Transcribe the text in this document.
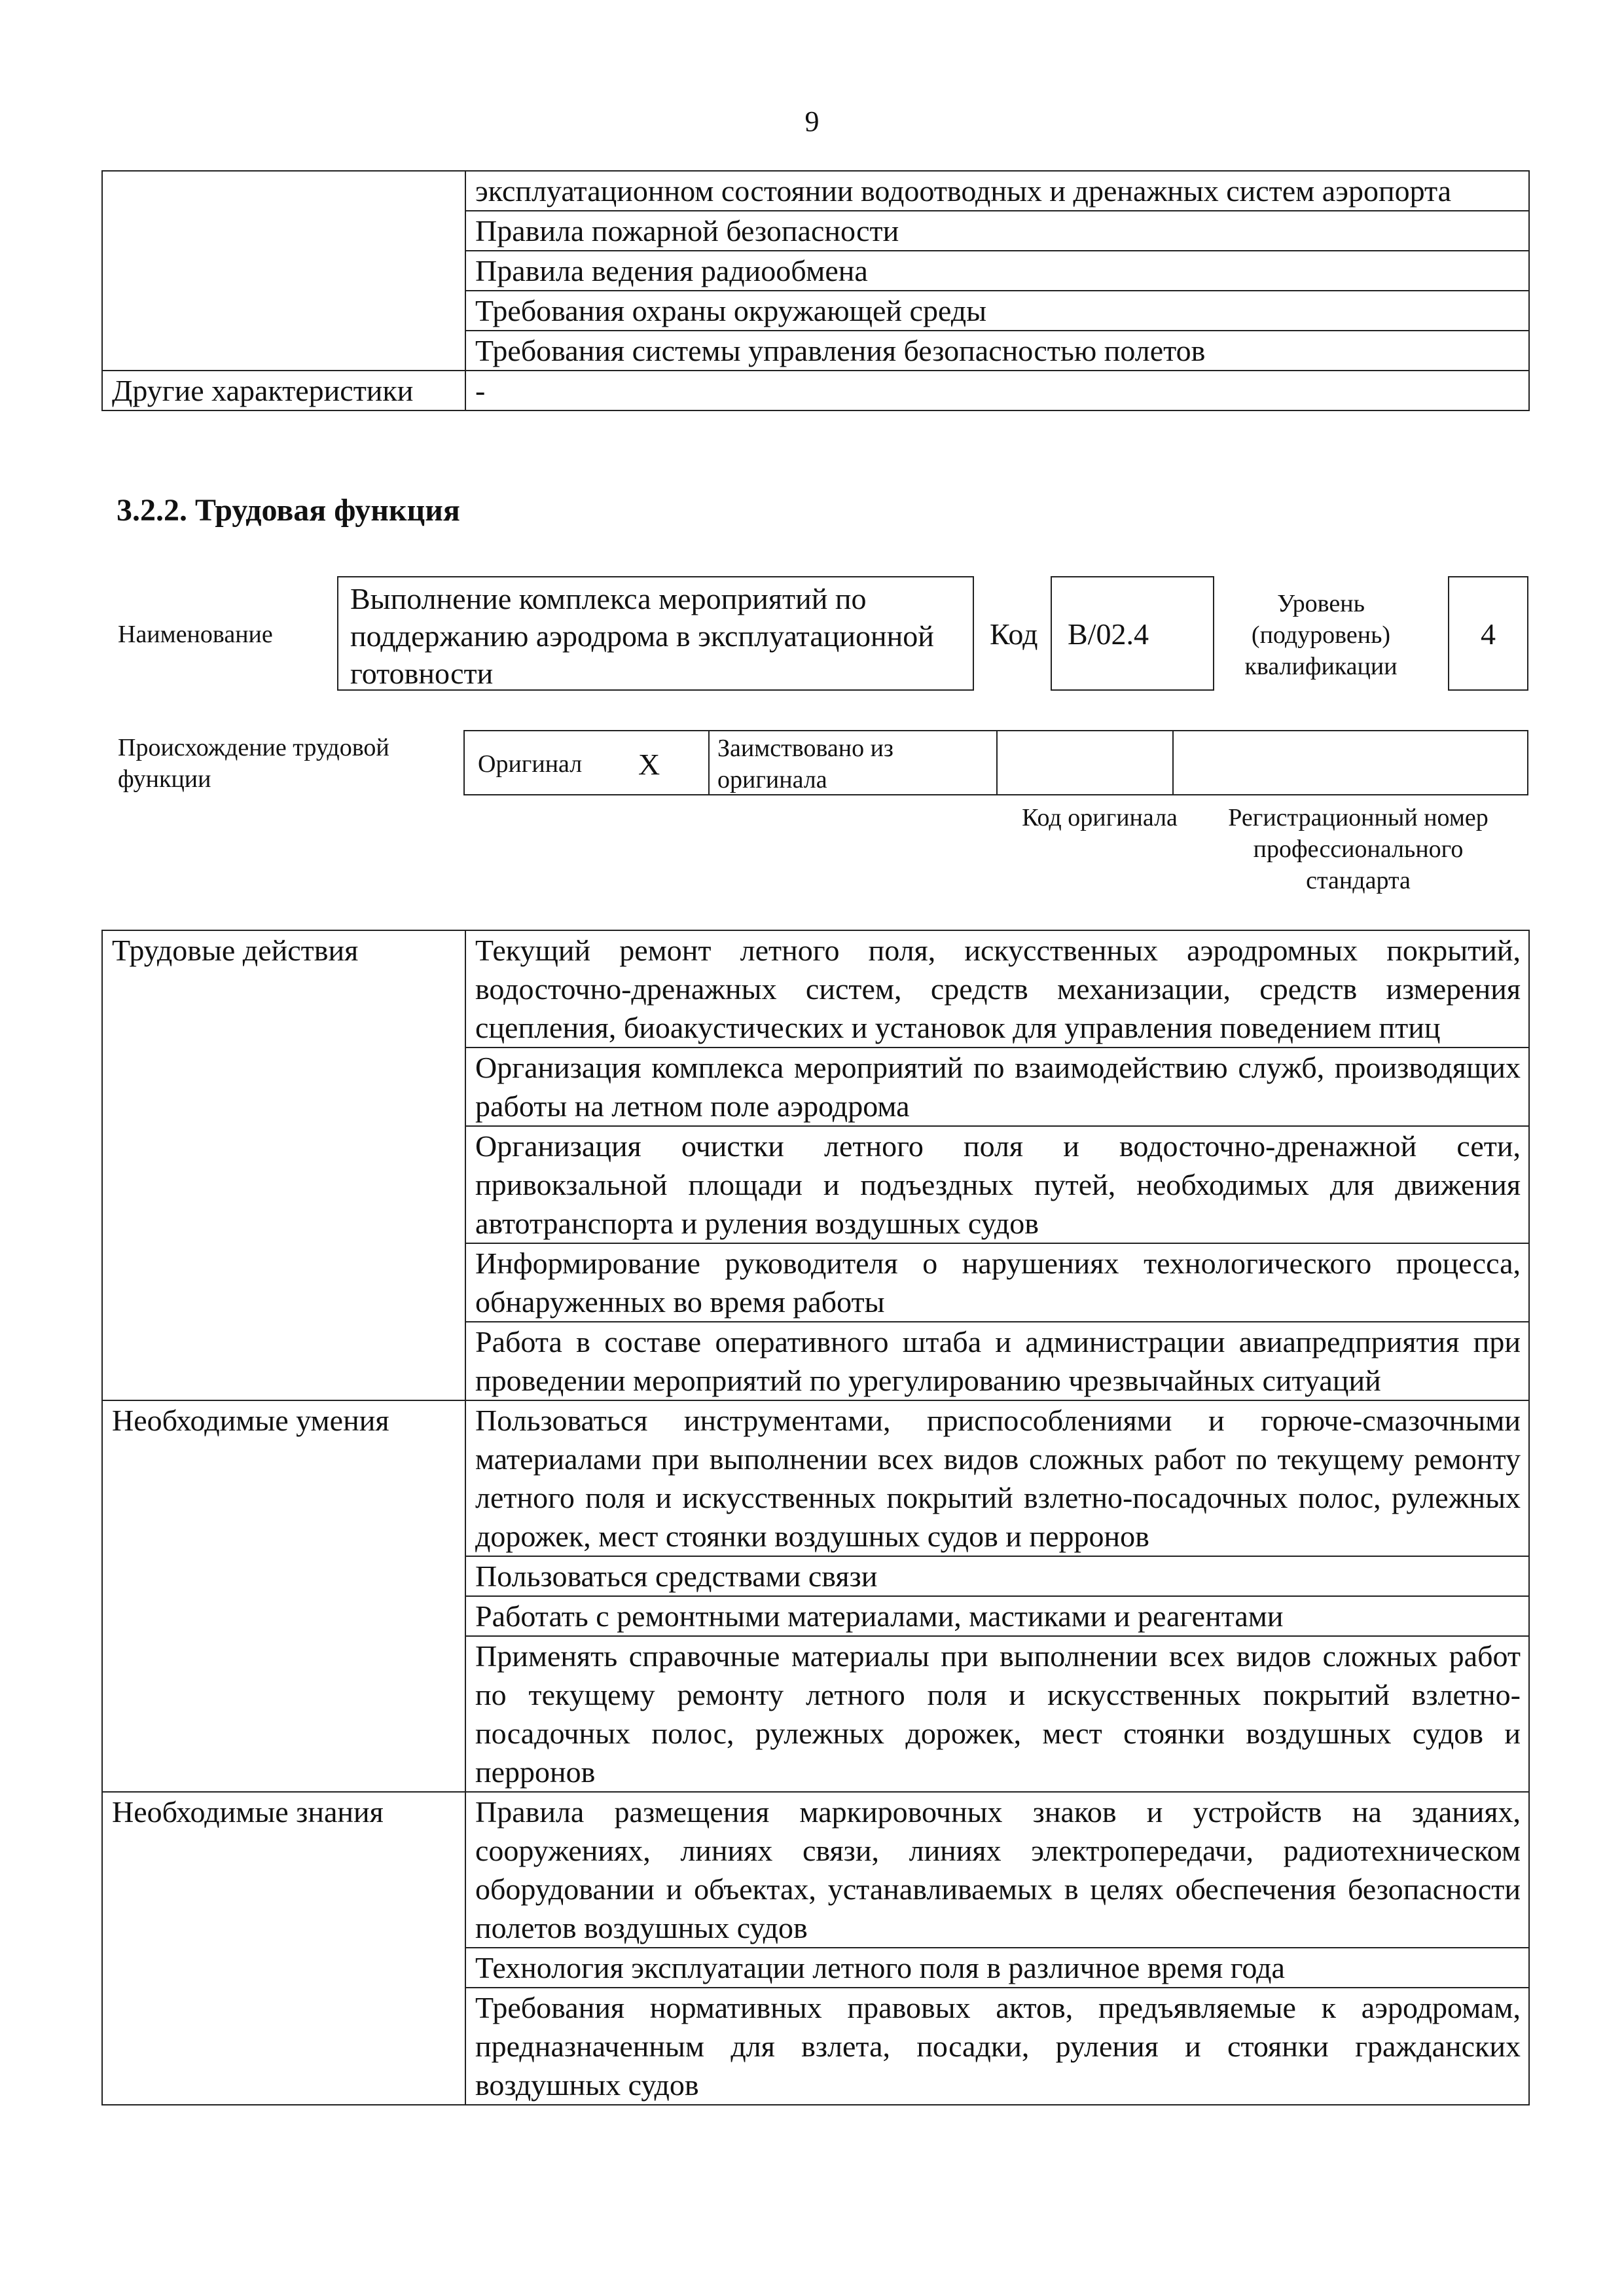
9
	эксплуатационном состоянии водоотводных и дренажных систем аэропорта
	Правила пожарной безопасности
	Правила ведения радиообмена
	Требования охраны окружающей среды
	Требования системы управления безопасностью полетов
Другие характеристики	-
3.2.2. Трудовая функция
Наименование
Выполнение комплекса мероприятий по поддержанию аэродрома в эксплуатационной готовности
Код В/02.4
Уровень (подуровень) квалификации
4
Происхождение трудовой функции
Оригинал X	Заимствовано из оригинала
Код оригинала	Регистрационный номер профессионального стандарта
Трудовые действия	Текущий ремонт летного поля, искусственных аэродромных покрытий, водосточно-дренажных систем, средств механизации, средств измерения сцепления, биоакустических и установок для управления поведением птиц
	Организация комплекса мероприятий по взаимодействию служб, производящих работы на летном поле аэродрома
	Организация очистки летного поля и водосточно-дренажной сети, привокзальной площади и подъездных путей, необходимых для движения автотранспорта и руления воздушных судов
	Информирование руководителя о нарушениях технологического процесса, обнаруженных во время работы
	Работа в составе оперативного штаба и администрации авиапредприятия при проведении мероприятий по урегулированию чрезвычайных ситуаций
Необходимые умения	Пользоваться инструментами, приспособлениями и горюче-смазочными материалами при выполнении всех видов сложных работ по текущему ремонту летного поля и искусственных покрытий взлетно-посадочных полос, рулежных дорожек, мест стоянки воздушных судов и перронов
	Пользоваться средствами связи
	Работать с ремонтными материалами, мастиками и реагентами
	Применять справочные материалы при выполнении всех видов сложных работ по текущему ремонту летного поля и искусственных покрытий взлетно-посадочных полос, рулежных дорожек, мест стоянки воздушных судов и перронов
Необходимые знания	Правила размещения маркировочных знаков и устройств на зданиях, сооружениях, линиях связи, линиях электропередачи, радиотехническом оборудовании и объектах, устанавливаемых в целях обеспечения безопасности полетов воздушных судов
	Технология эксплуатации летного поля в различное время года
	Требования нормативных правовых актов, предъявляемые к аэродромам, предназначенным для взлета, посадки, руления и стоянки гражданских воздушных судов
